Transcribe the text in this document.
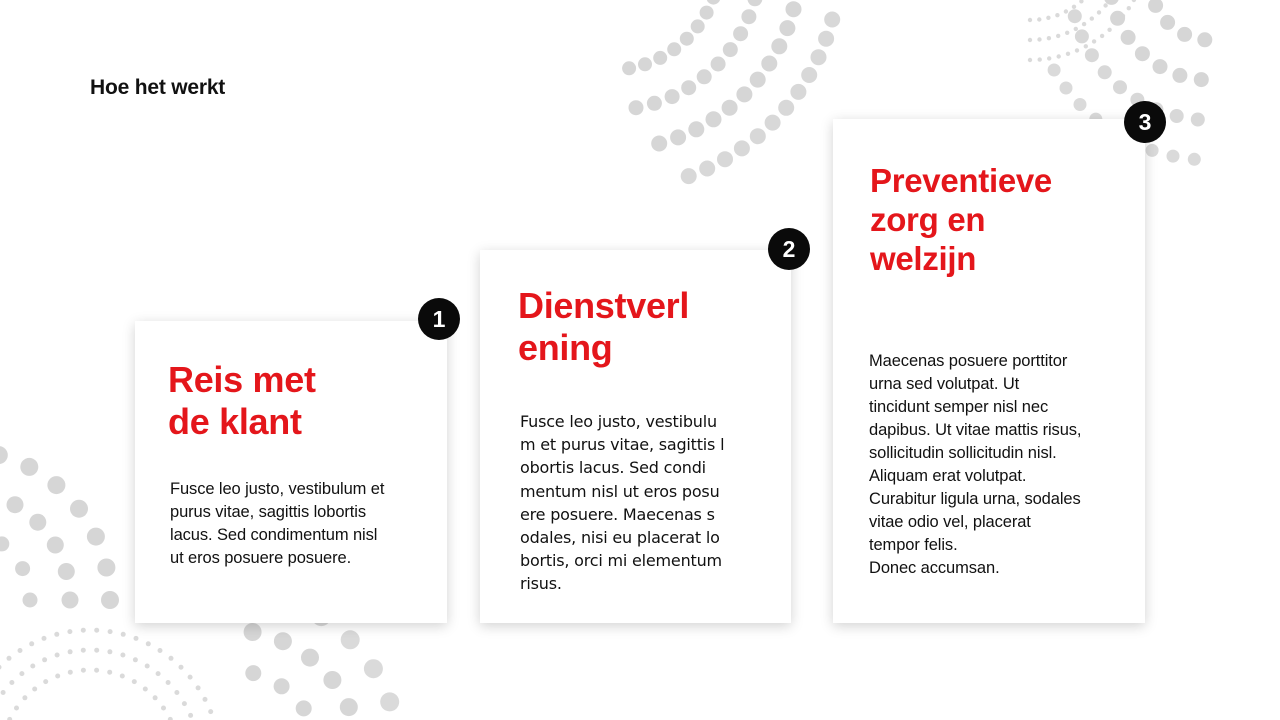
Hoe het werkt
Reis met
de klant

Fusce leo justo, vestibulum et
purus vitae, sagittis lobortis
lacus. Sed condimentum nisl
ut eros posuere posuere.

1	Dienstverl
ening

Fusce leo justo, vestibulu
m et purus vitae, sagittis l
obortis lacus. Sed condi
mentum nisl ut eros posu
ere posuere. Maecenas s
odales, nisi eu placerat lo
bortis, orci mi elementum
risus.

2
Preventieve
zorg en
welzijn

Maecenas posuere porttitor
urna sed volutpat. Ut
tincidunt semper nisl nec
dapibus. Ut vitae mattis risus,
sollicitudin sollicitudin nisl.
Aliquam erat volutpat.
Curabitur ligula urna, sodales
vitae odio vel, placerat
tempor felis.
Donec accumsan.

3
